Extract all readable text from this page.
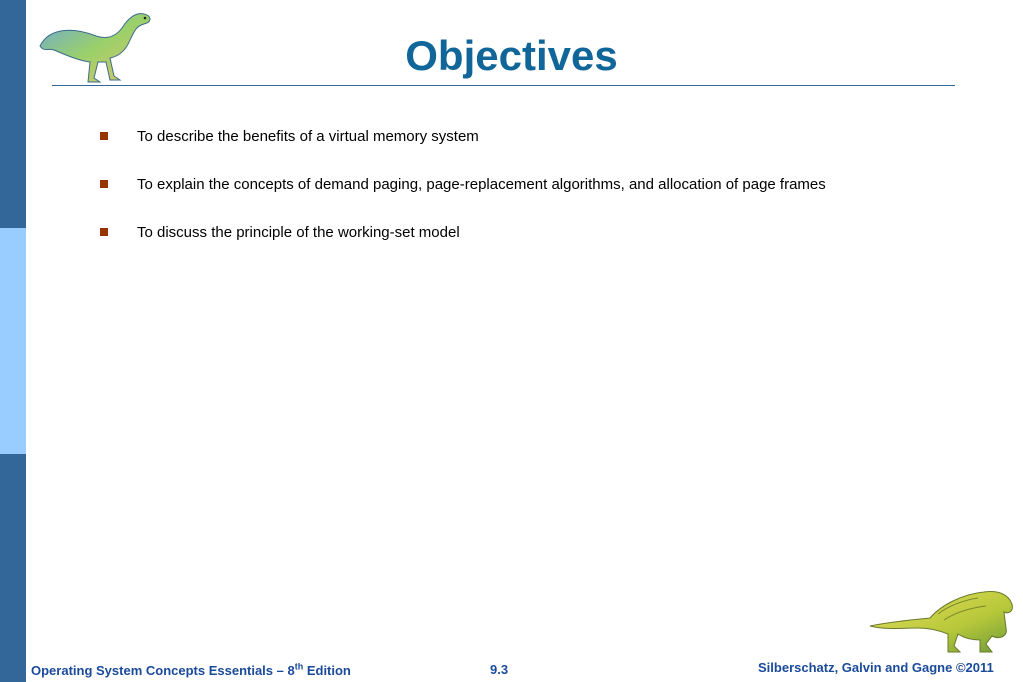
Objectives
To describe the benefits of a virtual memory system
To explain the concepts of demand paging, page-replacement algorithms, and allocation of page frames
To discuss the principle of the working-set model
Operating System Concepts Essentials – 8th Edition	9.3	Silberschatz, Galvin and Gagne ©2011
